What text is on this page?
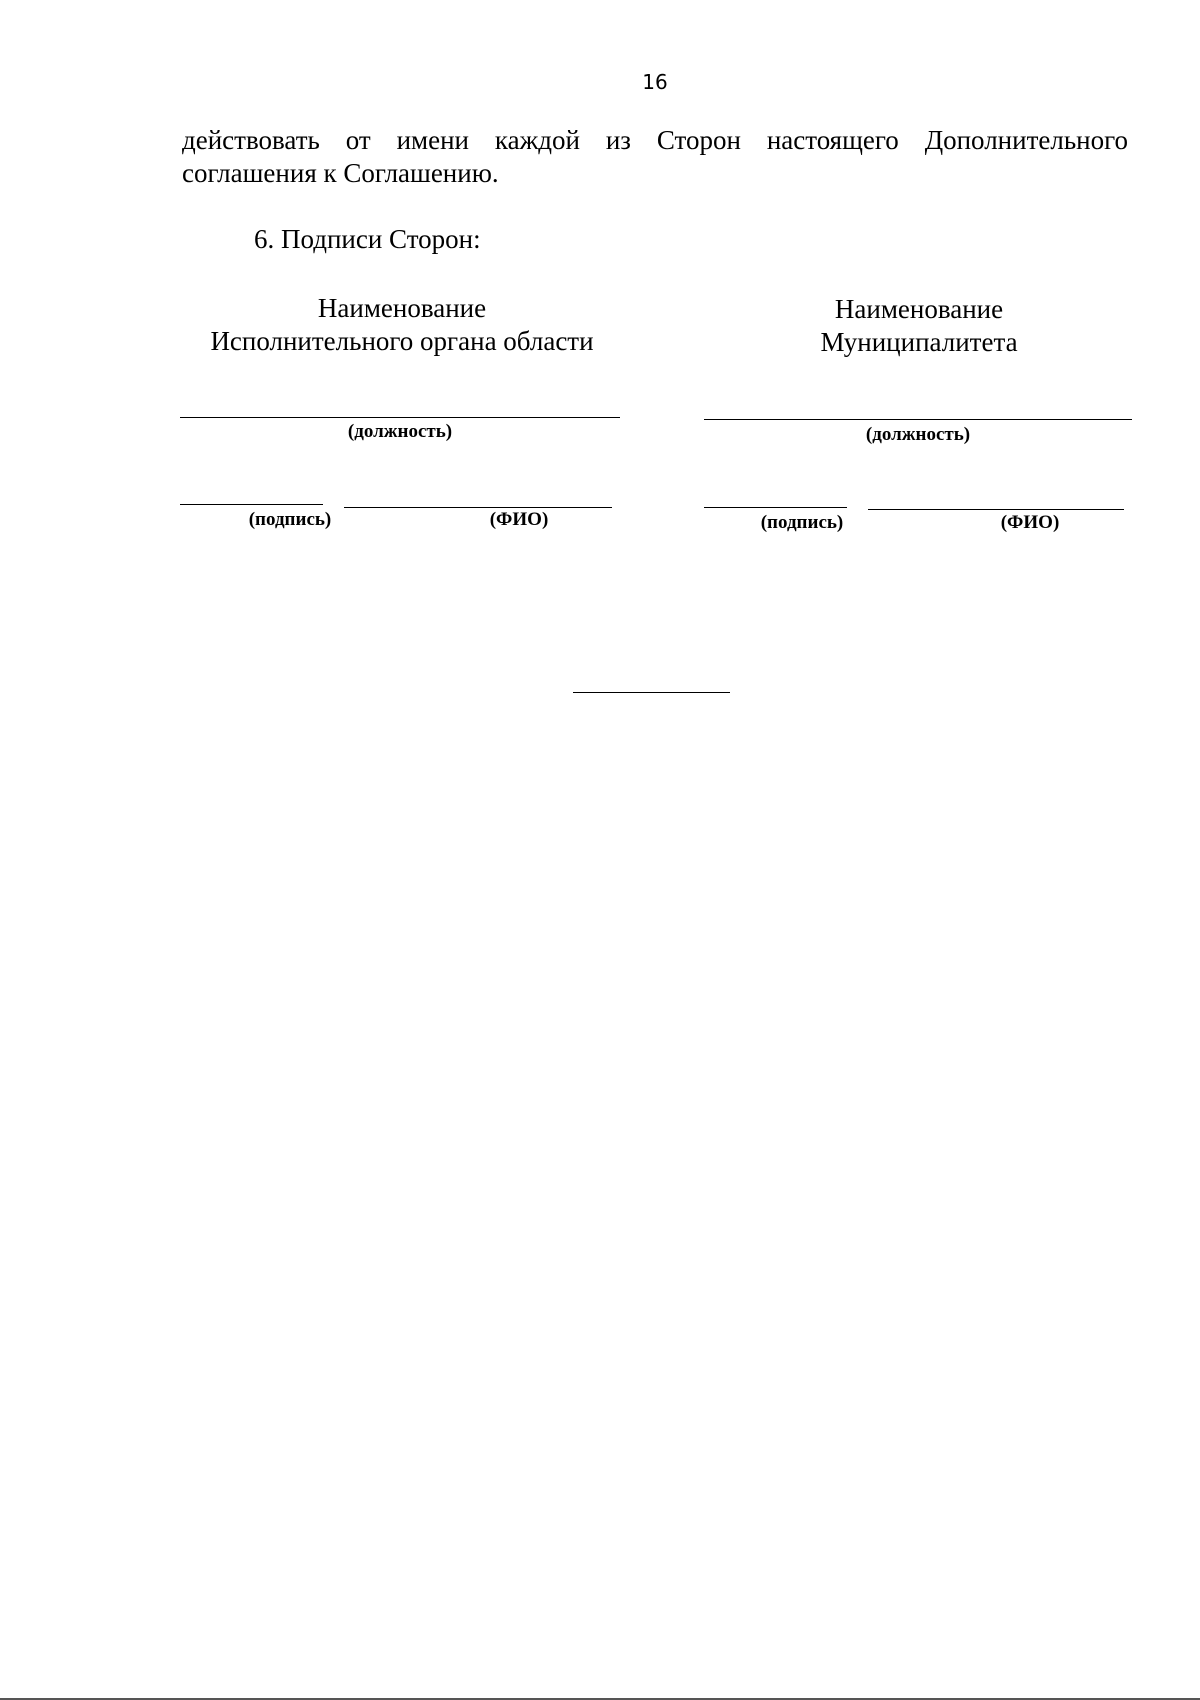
16
действовать от имени каждой из Сторон настоящего Дополнительного
соглашения к Соглашению.
6. Подписи Сторон:
Наименование
Исполнительного органа области
(должность)
(подпись)	(ФИО)
Наименование
Муниципалитета
(должность)
(подпись)	(ФИО)
